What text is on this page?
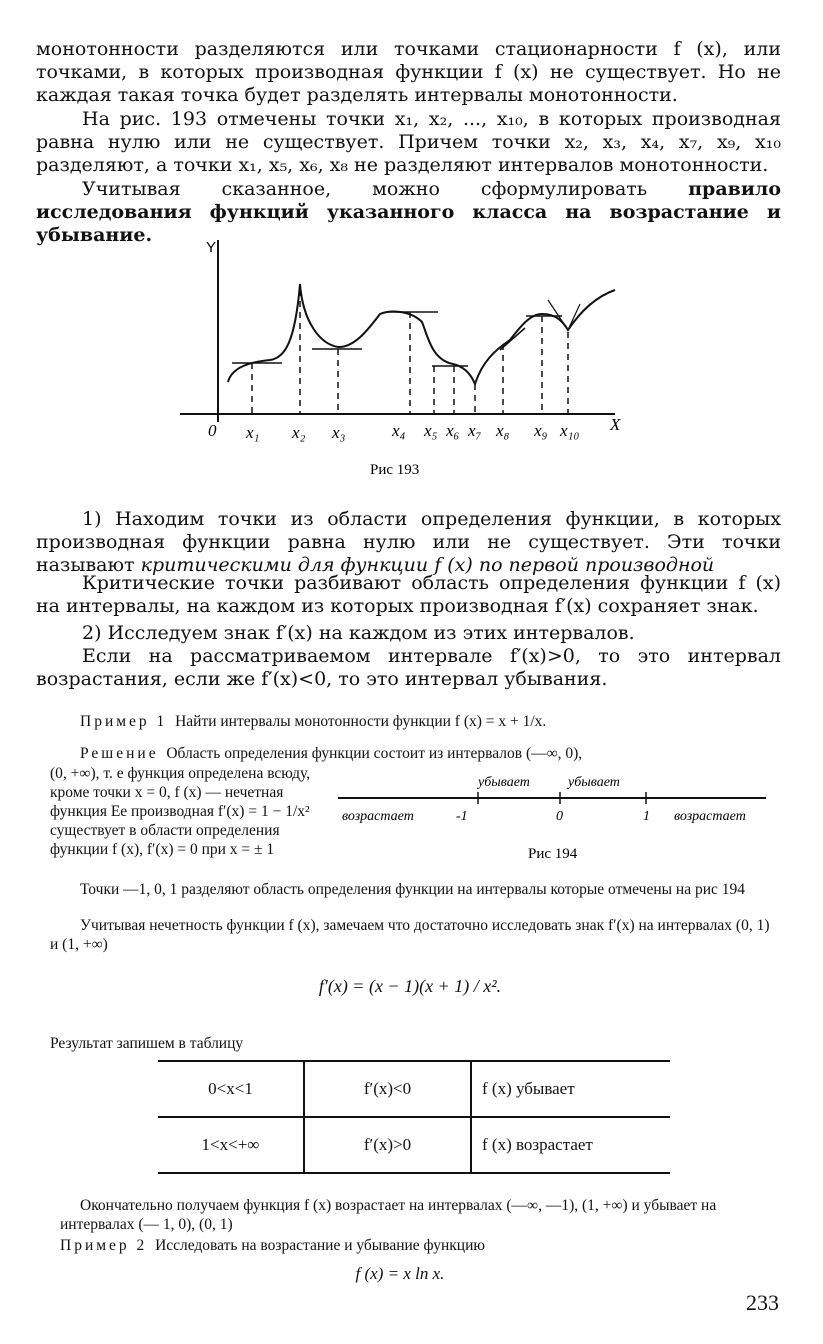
монотонности разделяются или точками стационарности f (x), или точками, в которых производная функции f (x) не существует. Но не каждая такая точка будет разделять интервалы монотонности.
На рис. 193 отмечены точки x₁, x₂, ..., x₁₀, в которых производная равна нулю или не существует. Причем точки x₂, x₃, x₄, x₇, x₉, x₁₀ разделяют, а точки x₁, x₅, x₆, x₈ не разделяют интервалов монотонности.
Учитывая сказанное, можно сформулировать правило исследования функций указанного класса на возрастание и убывание.
Y
0	X
x₁ x₂ x₃	x₄ x₅ x₆ x₇ x₈ x₉ x₁₀
Рис 193
1) Находим точки из области определения функции, в которых производная функции равна нулю или не существует. Эти точки называют критическими для функции f (x) по первой производной
Критические точки разбивают область определения функции f (x) на интервалы, на каждом из которых производная f′(x) сохраняет знак.
2) Исследуем знак f′(x) на каждом из этих интервалов.
Если на рассматриваемом интервале f′(x)>0, то это интервал возрастания, если же f′(x)<0, то это интервал убывания.
Пример 1 Найти интервалы монотонности функции f (x) = x + 1/x.
Решение Область определения функции состоит из интервалов (—∞, 0),
(0, +∞), т. е функция определена всюду, кроме точки x = 0, f (x) — нечетная функция Ее производная f′(x) = 1 − 1/x² существует в области определения функции f (x), f′(x) = 0 при x = ± 1
убывает	убывает
возрастает	возрастает
-1	0	1
Рис 194
Точки —1, 0, 1 разделяют область определения функции на интервалы которые отмечены на рис 194
Учитывая нечетность функции f (x), замечаем что достаточно исследовать знак f′(x) на интервалах (0, 1) и (1, +∞)
f′(x) = (x − 1)(x + 1) / x².
Результат запишем в таблицу
0<x<1	f′(x)<0	f (x) убывает
1<x<+∞	f′(x)>0	f (x) возрастает
Окончательно получаем функция f (x) возрастает на интервалах (—∞, —1), (1, +∞) и убывает на интервалах (— 1, 0), (0, 1)
Пример 2 Исследовать на возрастание и убывание функцию
f (x) = x ln x.
233
